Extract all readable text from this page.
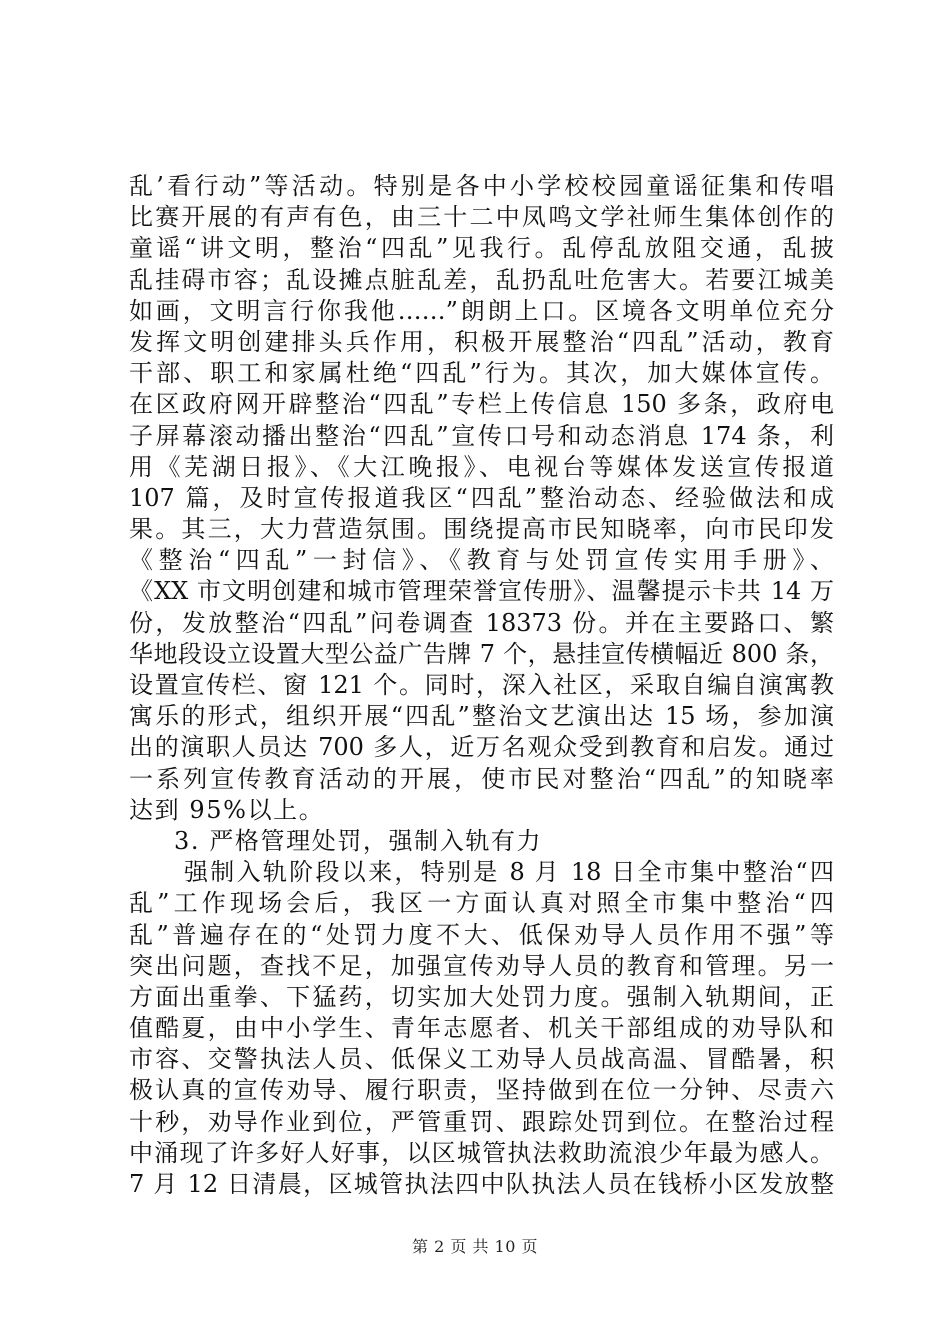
乱’看行动”等活动。特别是各中小学校校园童谣征集和传唱
比赛开展的有声有色，由三十二中凤鸣文学社师生集体创作的
童谣“讲文明，整治“四乱”见我行。乱停乱放阻交通，乱披
乱挂碍市容；乱设摊点脏乱差，乱扔乱吐危害大。若要江城美
如画，文明言行你我他……”朗朗上口。区境各文明单位充分
发挥文明创建排头兵作用，积极开展整治“四乱”活动，教育
干部、职工和家属杜绝“四乱”行为。其次，加大媒体宣传。
在区政府网开辟整治“四乱”专栏上传信息 150 多条，政府电
子屏幕滚动播出整治“四乱”宣传口号和动态消息 174 条，利
用《芜湖日报》、《大江晚报》、电视台等媒体发送宣传报道
107 篇，及时宣传报道我区“四乱”整治动态、经验做法和成
果。其三，大力营造氛围。围绕提高市民知晓率，向市民印发
《整治“四乱”一封信》、《教育与处罚宣传实用手册》、
《XX 市文明创建和城市管理荣誉宣传册》、温馨提示卡共 14 万
份，发放整治“四乱”问卷调查 18373 份。并在主要路口、繁
华地段设立设置大型公益广告牌 7 个，悬挂宣传横幅近 800 条，
设置宣传栏、窗 121 个。同时，深入社区，采取自编自演寓教
寓乐的形式，组织开展“四乱”整治文艺演出达 15 场，参加演
出的演职人员达 700 多人，近万名观众受到教育和启发。通过
一系列宣传教育活动的开展，使市民对整治“四乱”的知晓率
达到 95%以上。
3. 严格管理处罚，强制入轨有力
强制入轨阶段以来，特别是 8 月 18 日全市集中整治“四
乱”工作现场会后，我区一方面认真对照全市集中整治“四
乱”普遍存在的“处罚力度不大、低保劝导人员作用不强”等
突出问题，查找不足，加强宣传劝导人员的教育和管理。另一
方面出重拳、下猛药，切实加大处罚力度。强制入轨期间，正
值酷夏，由中小学生、青年志愿者、机关干部组成的劝导队和
市容、交警执法人员、低保义工劝导人员战高温、冒酷暑，积
极认真的宣传劝导、履行职责，坚持做到在位一分钟、尽责六
十秒，劝导作业到位，严管重罚、跟踪处罚到位。在整治过程
中涌现了许多好人好事，以区城管执法救助流浪少年最为感人。
7 月 12 日清晨，区城管执法四中队执法人员在钱桥小区发放整
第 2 页 共 10 页
